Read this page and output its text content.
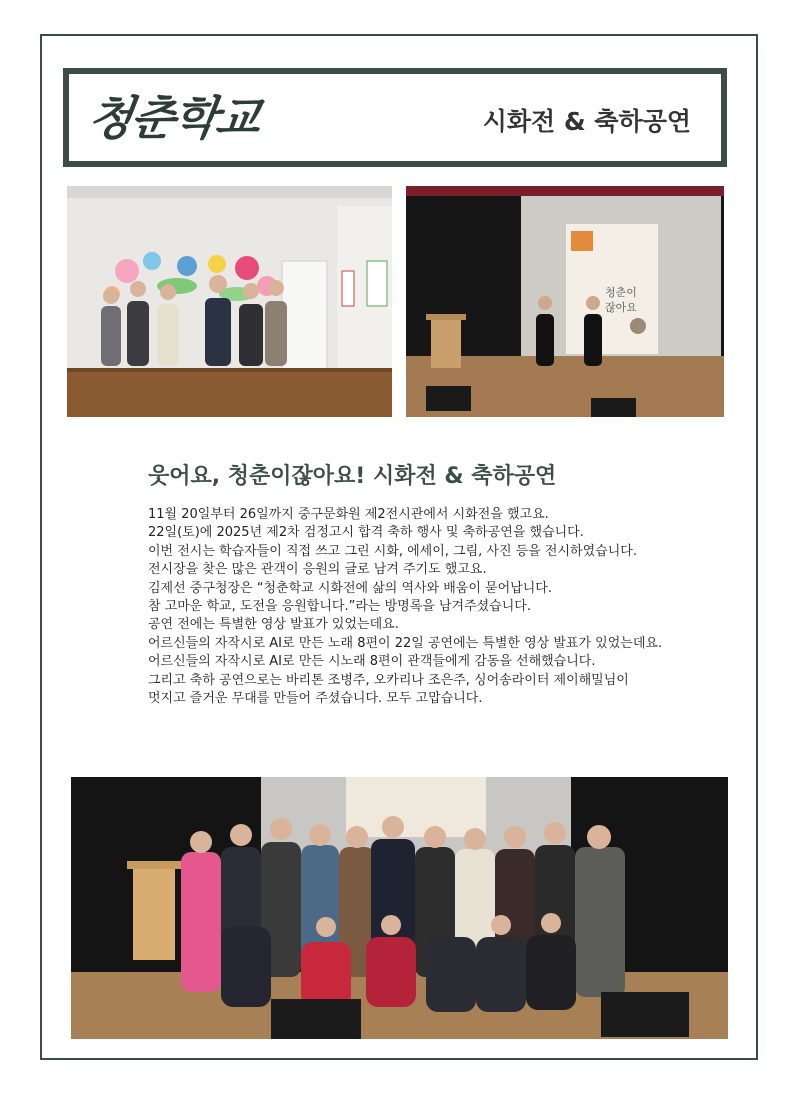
청춘학교	시화전 & 축하공연
청춘이
잖아요
웃어요, 청춘이잖아요! 시화전 & 축하공연
11월 20일부터 26일까지 중구문화원 제2전시관에서 시화전을 했고요.
22일(토)에 2025년 제2차 검정고시 합격 축하 행사 및 축하공연을 했습니다.
이번 전시는 학습자들이 직접 쓰고 그린 시화, 에세이, 그림, 사진 등을 전시하였습니다.
전시장을 찾은 많은 관객이 응원의 글로 남겨 주기도 했고요.
김제선 중구청장은 “청춘학교 시화전에 삶의 역사와 배움이 묻어납니다.
참 고마운 학교, 도전을 응원합니다.”라는 방명록을 남겨주셨습니다.
공연 전에는 특별한 영상 발표가 있었는데요.
어르신들의 자작시로 AI로 만든 노래 8편이 22일 공연에는 특별한 영상 발표가 있었는데요.
어르신들의 자작시로 AI로 만든 시노래 8편이 관객들에게 감동을 선해했습니다.
그리고 축하 공연으로는 바리톤 조병주, 오카리나 조은주, 싱어송라이터 제이해밀님이
멋지고 즐거운 무대를 만들어 주셨습니다. 모두 고맙습니다.
